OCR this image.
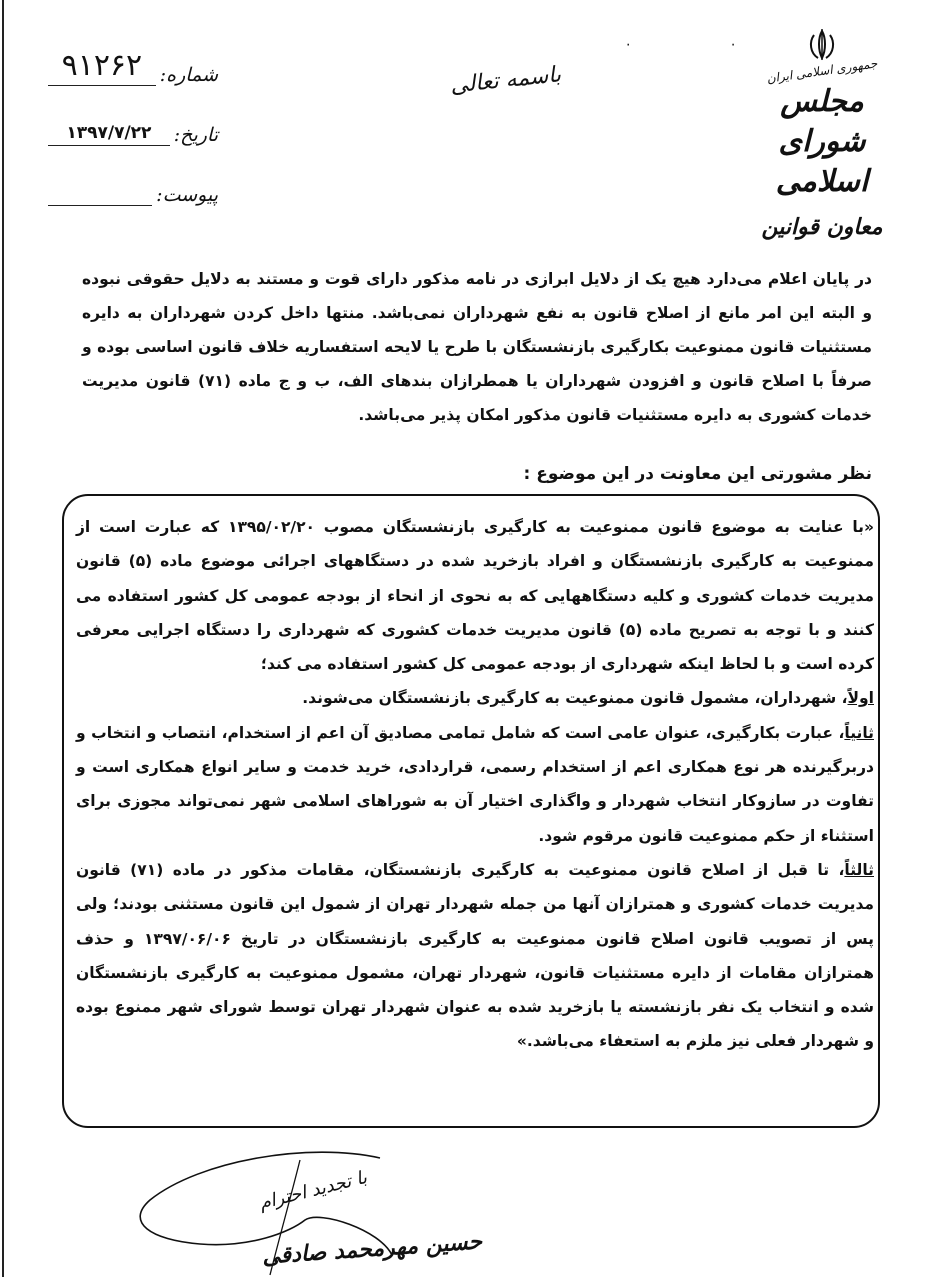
شماره:
۹۱۲۶۲
تاریخ:
۱۳۹۷/۷/۲۲
پیوست:
‧ ‧
باسمه تعالی	جمهوری اسلامی ایران
مجلس شورای اسلامی
معاون قوانین
در پایان اعلام می‌دارد هیچ یک از دلایل ابرازی در نامه مذکور دارای قوت و مستند به دلایل حقوقی نبوده و البته این امر مانع از اصلاح قانون به نفع شهرداران نمی‌باشد. منتها داخل کردن شهرداران به دایره مستثنیات قانون ممنوعیت بکارگیری بازنشستگان با طرح یا لایحه استفساریه خلاف قانون اساسی بوده و صرفاً با اصلاح قانون و افزودن شهرداران یا همطرازان بندهای الف، ب و ج ماده (۷۱) قانون مدیریت خدمات کشوری به دایره مستثنیات قانون مذکور امکان پذیر می‌باشد.
نظر مشورتی این معاونت در این موضوع :

«با عنایت به موضوع قانون ممنوعیت به کارگیری بازنشستگان مصوب ۱۳۹۵/۰۲/۲۰ که عبارت است از ممنوعیت به کارگیری بازنشستگان و افراد بازخرید شده در دستگاههای اجرائی موضوع ماده (۵) قانون مدیریت خدمات کشوری و کلیه دستگاههایی که به نحوی از انحاء از بودجه عمومی کل کشور استفاده می کنند و با توجه به تصریح ماده (۵) قانون مدیریت خدمات کشوری که شهرداری را دستگاه اجرایی معرفی کرده است و با لحاظ اینکه شهرداری از بودجه عمومی کل کشور استفاده می کند؛

اولاً، شهرداران، مشمول قانون ممنوعیت به کارگیری بازنشستگان می‌شوند.

ثانیاً، عبارت بکارگیری، عنوان عامی است که شامل تمامی مصادیق آن اعم از استخدام، انتصاب و انتخاب و دربرگیرنده هر نوع همکاری اعم از استخدام رسمی، قراردادی، خرید خدمت و سایر انواع همکاری است و تفاوت در سازوکار انتخاب شهردار و واگذاری اختیار آن به شوراهای اسلامی شهر نمی‌تواند مجوزی برای استثناء از حکم ممنوعیت قانون مرقوم شود.

ثالثاً، تا قبل از اصلاح قانون ممنوعیت به کارگیری بازنشستگان، مقامات مذکور در ماده (۷۱) قانون مدیریت خدمات کشوری و همترازان آنها من جمله شهردار تهران از شمول این قانون مستثنی بودند؛ ولی پس از تصویب قانون اصلاح قانون ممنوعیت به کارگیری بازنشستگان در تاریخ ۱۳۹۷/۰۶/۰۶ و حذف همترازان مقامات از دایره مستثنیات قانون، شهردار تهران، مشمول ممنوعیت به کارگیری بازنشستگان شده و انتخاب یک نفر بازنشسته یا بازخرید شده به عنوان شهردار تهران توسط شورای شهر ممنوع بوده و شهردار فعلی نیز ملزم به استعفاء می‌باشد.»

با تجدید احترام
حسین مهرمحمد صادقی
